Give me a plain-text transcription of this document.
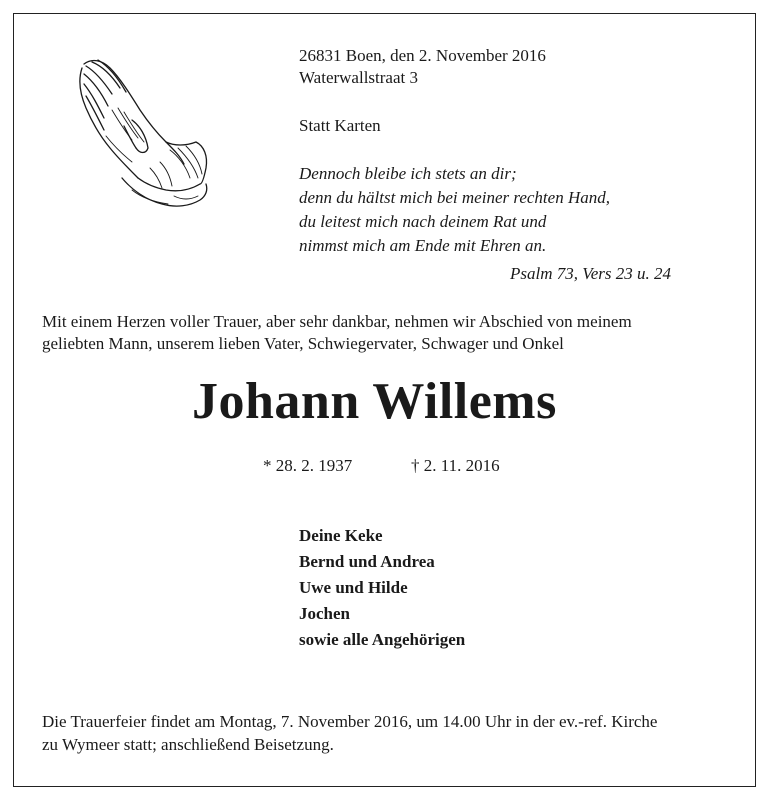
26831 Boen, den 2. November 2016
Waterwallstraat 3
Statt Karten
Dennoch bleibe ich stets an dir;
denn du hältst mich bei meiner rechten Hand,
du leitest mich nach deinem Rat und
nimmst mich am Ende mit Ehren an.
Psalm 73, Vers 23 u. 24
Mit einem Herzen voller Trauer, aber sehr dankbar, nehmen wir Abschied von meinem
geliebten Mann, unserem lieben Vater, Schwiegervater, Schwager und Onkel
Johann Willems
* 28. 2. 1937	† 2. 11. 2016
Deine Keke
Bernd und Andrea
Uwe und Hilde
Jochen
sowie alle Angehörigen
Die Trauerfeier findet am Montag, 7. November 2016, um 14.00 Uhr in der ev.-ref. Kirche
zu Wymeer statt; anschließend Beisetzung.
